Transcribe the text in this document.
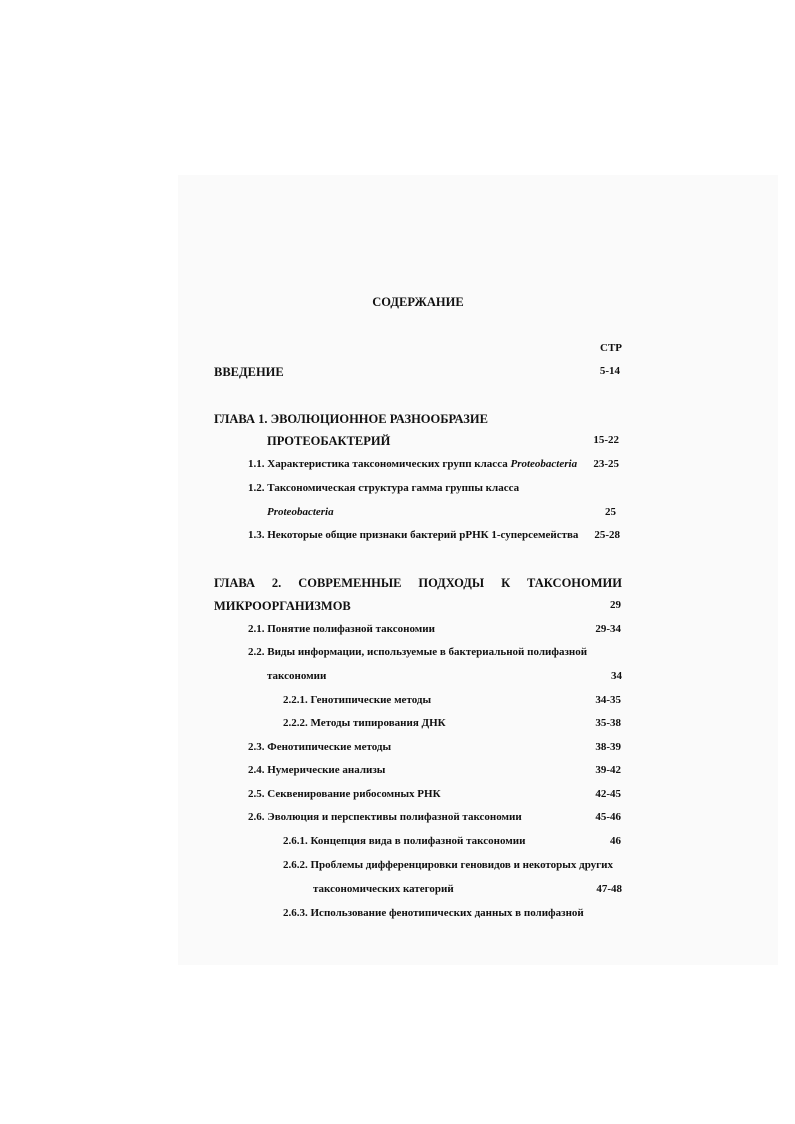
СОДЕРЖАНИЕ
СТР
ВВЕДЕНИЕ	5-14
ГЛАВА 1. ЭВОЛЮЦИОННОЕ РАЗНООБРАЗИЕ
ПРОТЕОБАКТЕРИЙ	15-22
1.1. Характеристика таксономических групп класса Proteobacteria	23-25
1.2. Таксономическая структура гамма группы класса
Proteobacteria	25
1.3. Некоторые общие признаки бактерий рРНК 1-суперсемейства	25-28
ГЛАВА 2. СОВРЕМЕННЫЕ ПОДХОДЫ К ТАКСОНОМИИ
МИКРООРГАНИЗМОВ	29
2.1. Понятие полифазной таксономии	29-34
2.2. Виды информации, используемые в бактериальной полифазной
таксономии	34
2.2.1. Генотипические методы	34-35
2.2.2. Методы типирования ДНК	35-38
2.3. Фенотипические методы	38-39
2.4. Нумерические анализы	39-42
2.5. Секвенирование рибосомных РНК	42-45
2.6. Эволюция и перспективы полифазной таксономии	45-46
2.6.1. Концепция вида в полифазной таксономии	46
2.6.2. Проблемы дифференцировки геновидов и некоторых других
таксономических категорий	47-48
2.6.3. Использование фенотипических данных в полифазной
